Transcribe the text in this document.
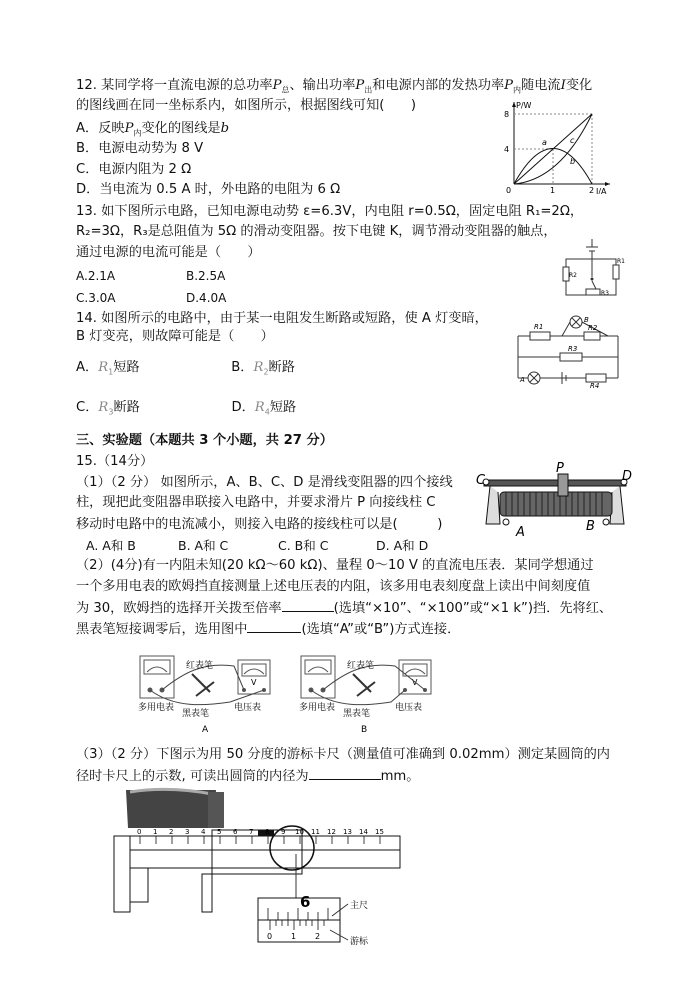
12. 某同学将一直流电源的总功率$P_总$、输出功率$P_出$和电源内部的发热功率$P_内$随电流I变化
的图线画在同一坐标系内，如图所示，根据图线可知(　　)
A．反映$P_内$变化的图线是b
B．电源电动势为 8 V
C．电源内阻为 2 Ω
D．当电流为 0.5 A 时，外电路的电阻为 6 Ω
P/W
I/A
8
4
0	1	2
a	c
b
13. 如下图所示电路，已知电源电动势 ε=6.3V，内电阻 r=0.5Ω，固定电阻 R₁=2Ω，
R₂=3Ω，R₃是总阻值为 5Ω 的滑动变阻器。按下电键 K，调节滑动变阻器的触点，
通过电源的电流可能是（　　）
A.2.1A	B.2.5A
C.3.0A	D.4.0A
R2
R1
R3
14. 如图所示的电路中，由于某一电阻发生断路或短路，使 A 灯变暗，
B 灯变亮，则故障可能是（　　）
A．$R_1$短路	B．$R_2$断路
C．$R_3$断路	D．$R_4$短路
R1
B
R2
R3
A
R4
三、实验题（本题共 3 个小题，共 27 分）
15.（14分）
（1）（2 分） 如图所示，A、B、C、D 是滑线变阻器的四个接线
柱，现把此变阻器串联接入电路中，并要求滑片 P 向接线柱 C
移动时电路中的电流减小，则接入电路的接线柱可以是(　　　)
A. A和 B	B. A和 C	C. B和 C	D. A和 D
P
C	D
A	B
（2）(4分)有一内阻未知(20 kΩ～60 kΩ)、量程 0～10 V 的直流电压表．某同学想通过
一个多用电表的欧姆挡直接测量上述电压表的内阻，该多用电表刻度盘上读出中间刻度值
为 30，欧姆挡的选择开关拨至倍率	(选填“×10”、“×100”或“×1 k”)挡．先将红、
黑表笔短接调零后，选用图中	(选填“A”或“B”)方式连接．
V
红表笔
多用电表
黑表笔
电压表
A
V
红表笔
多用电表
黑表笔
电压表
B
（3）（2 分）下图示为用 50 分度的游标卡尺（测量值可准确到 0.02mm）测定某圆筒的内
径时卡尺上的示数, 可读出圆筒的内径为	mm。
0 1 2 3 4 5 6 7 8 9 10 11 12 13 14 15
6
0 1 2
主尺
游标
